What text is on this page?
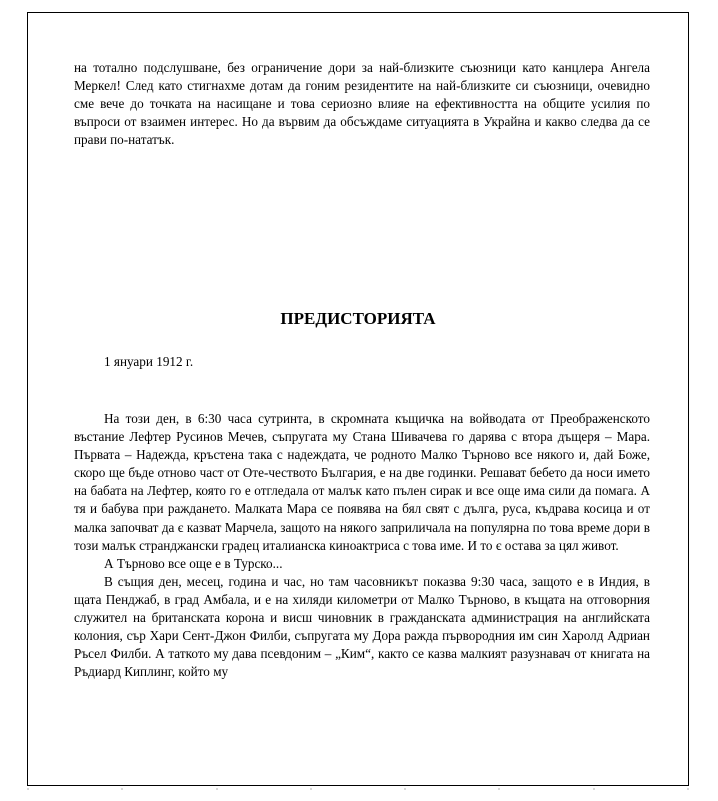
на тотално подслушване, без ограничение дори за най-близките съюзници като канцлера Ангела Меркел! След като стигнахме дотам да гоним резидентите на най-близките си съюзници, очевидно сме вече до точката на насищане и това сериозно влияе на ефективността на общите усилия по въпроси от взаимен интерес. Но да вървим да обсъждаме ситуацията в Украйна и какво следва да се прави по-нататък.

ПРЕДИСТОРИЯТА
1 януари 1912 г.

На този ден, в 6:30 часа сутринта, в скромната къщичка на войводата от Преображенското въстание Лефтер Русинов Мечев, съпругата му Стана Шивачева го дарява с втора дъщеря – Мара. Първата – Надежда, кръстена така с надеждата, че родното Малко Търново все някого и, дай Боже, скоро ще бъде отново част от Оте-чеството България, е на две годинки. Решават бебето да носи името на бабата на Лефтер, която го е отгледала от малък като пълен сирак и все още има сили да помага. А тя и бабува при раждането. Малката Мара се появява на бял свят с дълга, руса, къдрава косица и от малка започват да є казват Марчела, защото на някого заприличала на популярна по това време дори в този малък странджански градец италианска киноактриса с това име. И то є остава за цял живот.

А Търново все още е в Турско...

В същия ден, месец, година и час, но там часовникът показва 9:30 часа, защото е в Индия, в щата Пенджаб, в град Амбала, и е на хиляди километри от Малко Търново, в къщата на отговорния служител на британската корона и висш чиновник в гражданската администрация на английската колония, сър Хари Сент-Джон Филби, съпругата му Дора ражда първородния им син Харолд Адриан Ръсел Филби. А таткото му дава псевдоним – „Ким“, както се казва малкият разузнавач от книгата на Ръдиард Киплинг, който му
